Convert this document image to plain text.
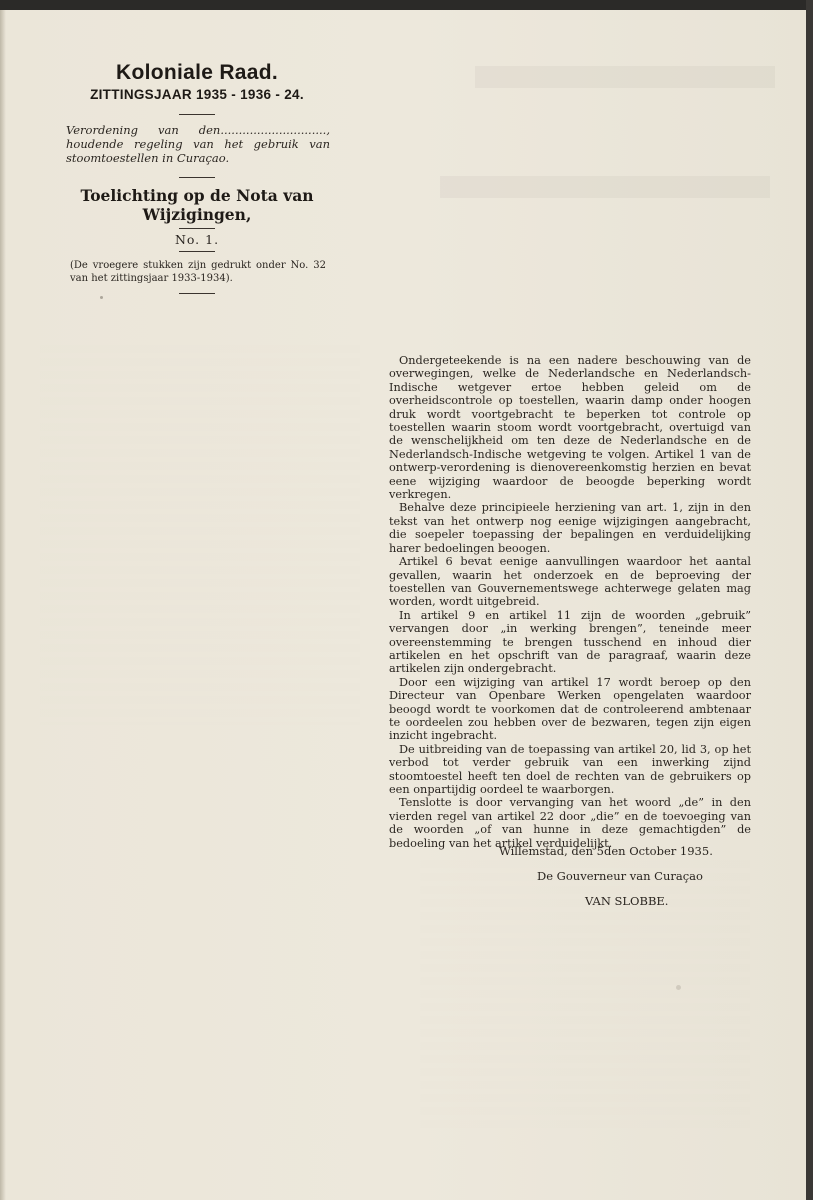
Koloniale Raad.

ZITTINGSJAAR 1935 - 1936 - 24.

Verordening van den............................., houdende regeling van het gebruik van stoomtoestellen in Curaçao.

Toelichting op de Nota van

Wijzigingen,

No. 1.

(De vroegere stukken zijn gedrukt onder No. 32 van het zittingsjaar 1933-1934).

Ondergeteekende is na een nadere beschouwing van de overwegingen, welke de Nederlandsche en Nederlandsch-Indische wetgever ertoe hebben geleid om de overheidscontrole op toestellen, waarin damp onder hoogen druk wordt voortgebracht te beperken tot controle op toestellen waarin stoom wordt voortgebracht, overtuigd van de wenschelijkheid om ten deze de Nederlandsche en de Nederlandsch-Indische wetgeving te volgen. Artikel 1 van de ontwerp-verordening is dienovereenkomstig herzien en bevat eene wijziging waardoor de beoogde beperking wordt verkregen.

Behalve deze principieele herziening van art. 1, zijn in den tekst van het ontwerp nog eenige wijzigingen aangebracht, die soepeler toepassing der bepalingen en verduidelijking harer bedoelingen beoogen.

Artikel 6 bevat eenige aanvullingen waardoor het aantal gevallen, waarin het onderzoek en de beproeving der toestellen van Gouvernementswege achterwege gelaten mag worden, wordt uitgebreid.

In artikel 9 en artikel 11 zijn de woorden „gebruik” vervangen door „in werking brengen”, teneinde meer overeenstemming te brengen tusschend en inhoud dier artikelen en het opschrift van de paragraaf, waarin deze artikelen zijn ondergebracht.

Door een wijziging van artikel 17 wordt beroep op den Directeur van Openbare Werken opengelaten waardoor beoogd wordt te voorkomen dat de controleerend ambtenaar te oordeelen zou hebben over de bezwaren, tegen zijn eigen inzicht ingebracht.

De uitbreiding van de toepassing van artikel 20, lid 3, op het verbod tot verder gebruik van een inwerking zijnd stoomtoestel heeft ten doel de rechten van de gebruikers op een onpartijdig oordeel te waarborgen.

Tenslotte is door vervanging van het woord „de” in den vierden regel van artikel 22 door „die” en de toevoeging van de woorden „of van hunne in deze gemachtigden” de bedoeling van het artikel verduidelijkt.

Willemstad, den 5den October 1935.
De Gouverneur van Curaçao
VAN SLOBBE.
